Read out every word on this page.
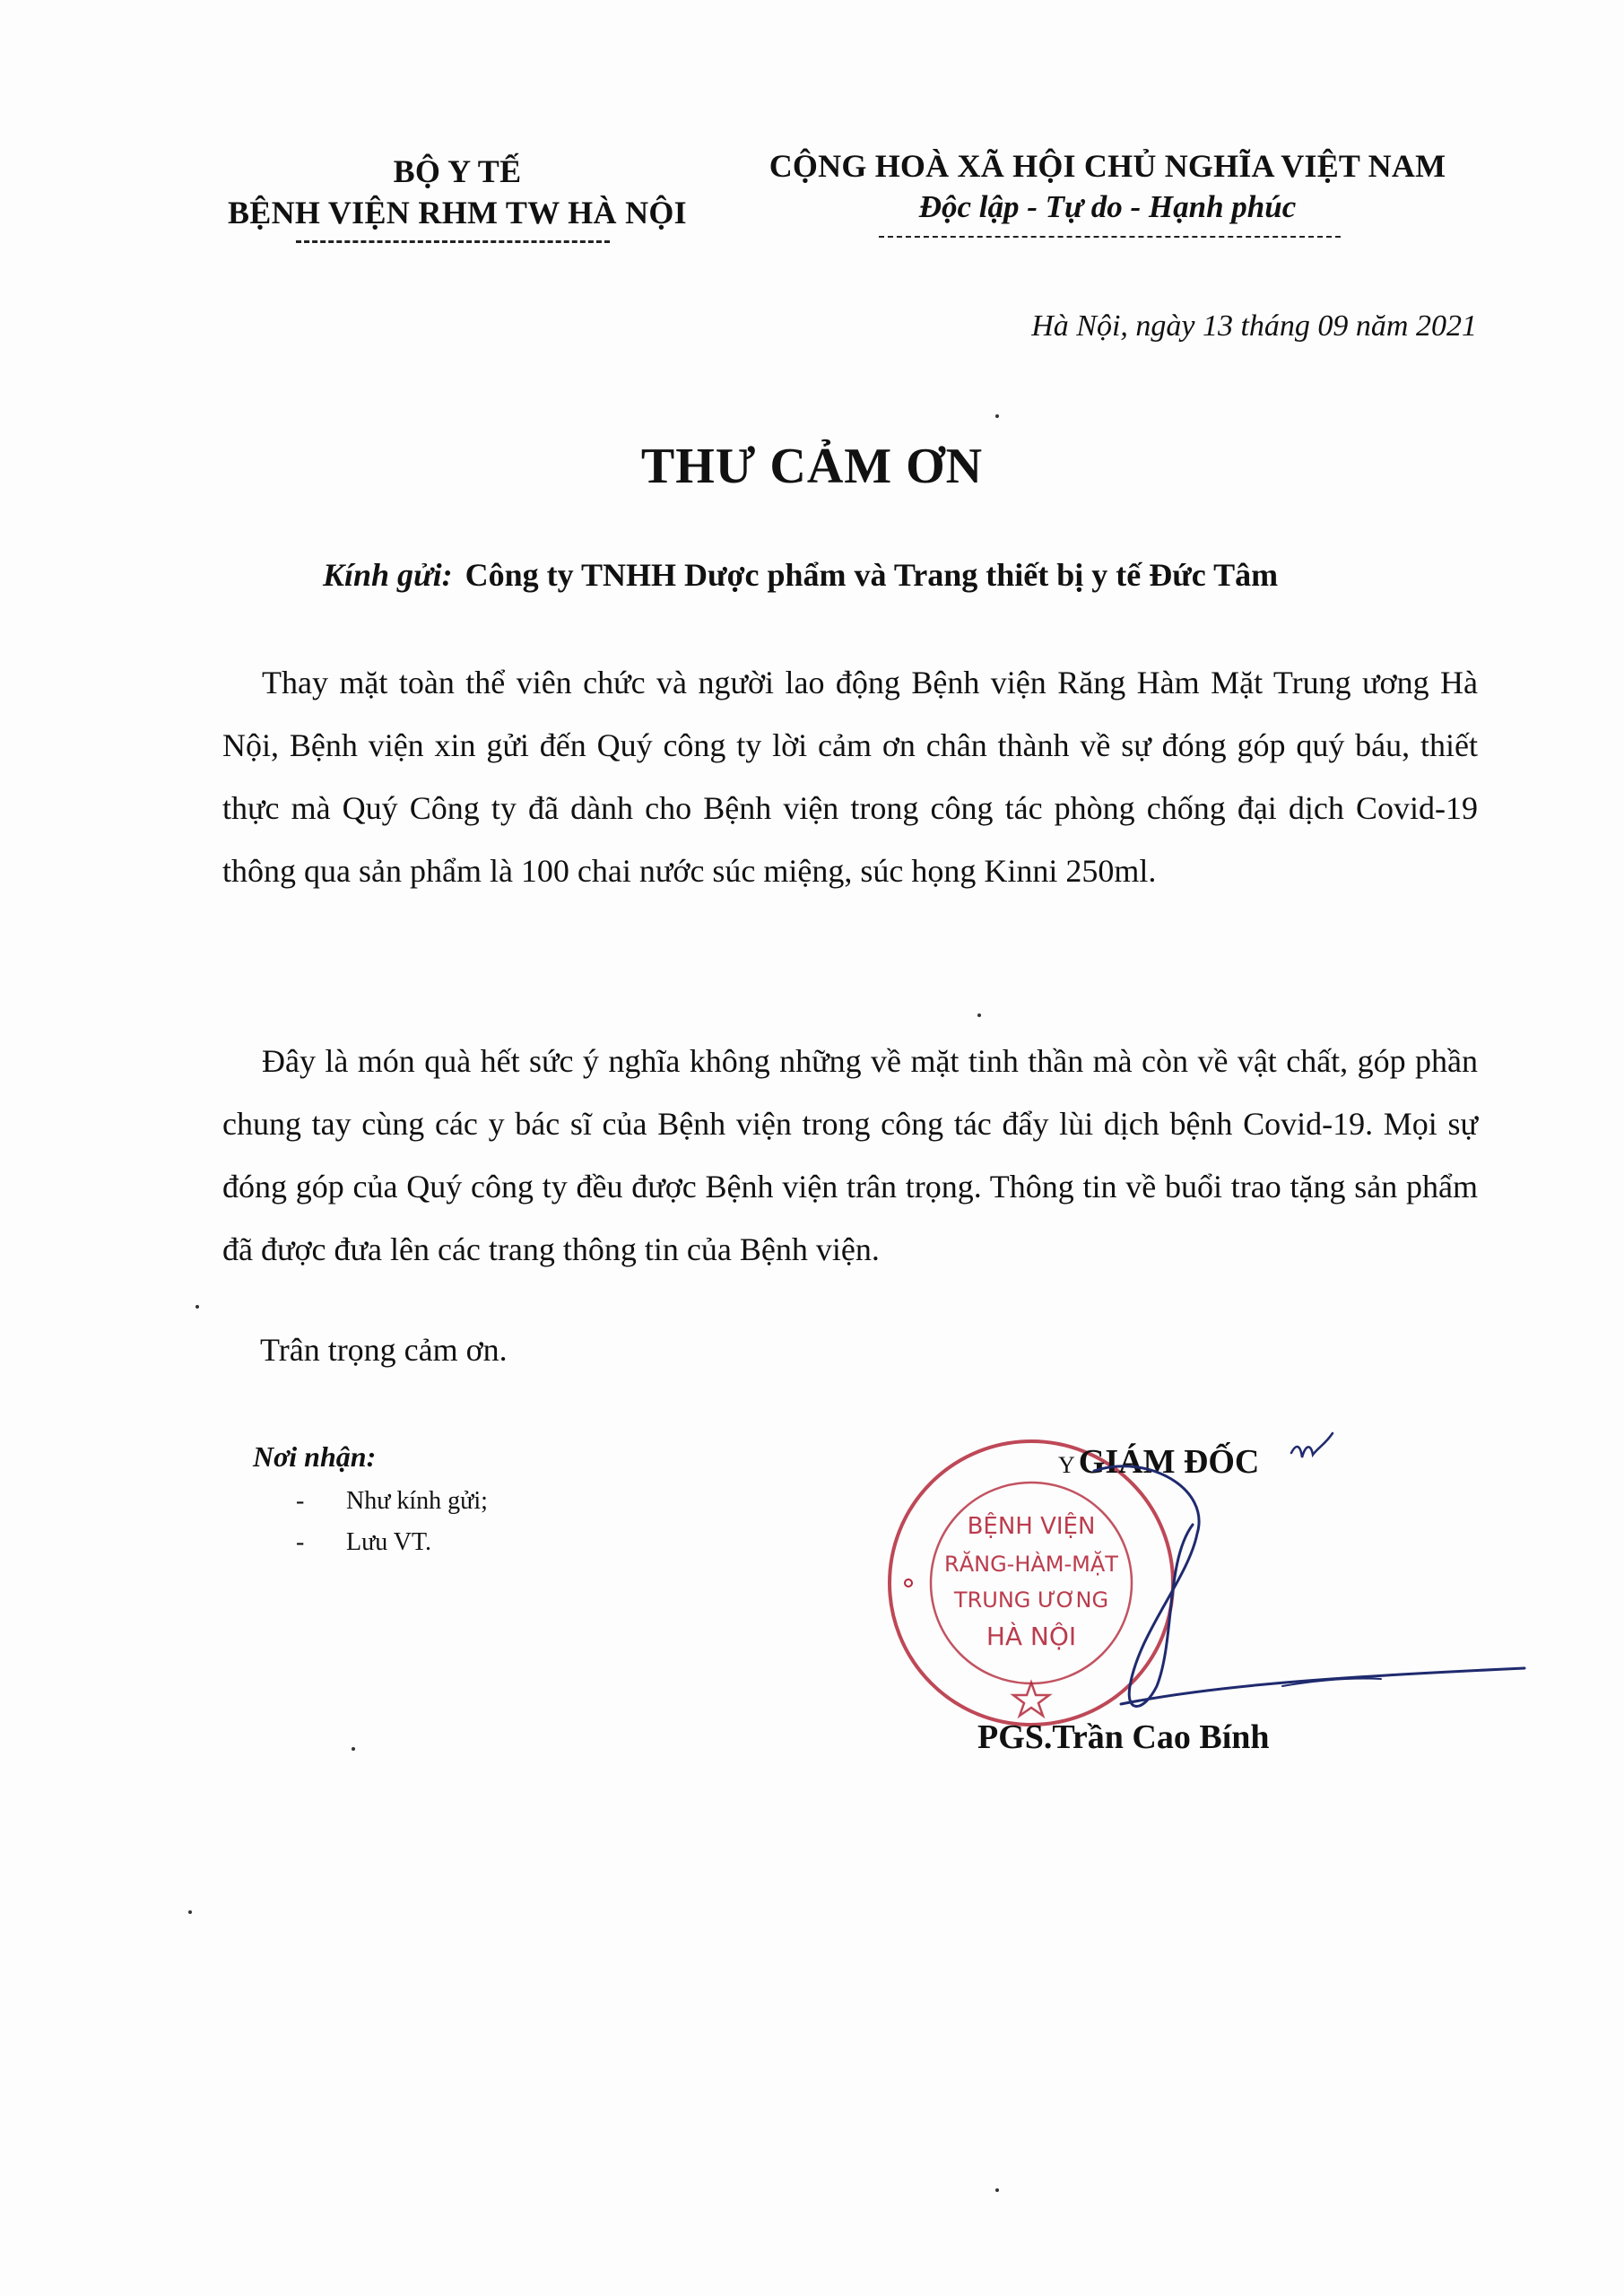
BỘ Y TẾ
BỆNH VIỆN RHM TW HÀ NỘI
CỘNG HOÀ XÃ HỘI CHỦ NGHĨA VIỆT NAM
Độc lập - Tự do - Hạnh phúc
Hà Nội, ngày 13 tháng 09 năm 2021
THƯ CẢM ƠN
Kính gửi: Công ty TNHH Dược phẩm và Trang thiết bị y tế Đức Tâm
Thay mặt toàn thể viên chức và người lao động Bệnh viện Răng Hàm Mặt Trung ương Hà Nội, Bệnh viện xin gửi đến Quý công ty lời cảm ơn chân thành về sự đóng góp quý báu, thiết thực mà Quý Công ty đã dành cho Bệnh viện trong công tác phòng chống đại dịch Covid-19 thông qua sản phẩm là 100 chai nước súc miệng, súc họng Kinni 250ml.
Đây là món quà hết sức ý nghĩa không những về mặt tinh thần mà còn về vật chất, góp phần chung tay cùng các y bác sĩ của Bệnh viện trong công tác đẩy lùi dịch bệnh Covid-19. Mọi sự đóng góp của Quý công ty đều được Bệnh viện trân trọng. Thông tin về buổi trao tặng sản phẩm đã được đưa lên các trang thông tin của Bệnh viện.
Trân trọng cảm ơn.
Nơi nhận:
- Như kính gửi;
- Lưu VT.
BỆNH VIỆN
RĂNG-HÀM-MẶT
TRUNG ƯƠNG
HÀ NỘI
Y GIÁM ĐỐC
PGS.Trần Cao Bính
